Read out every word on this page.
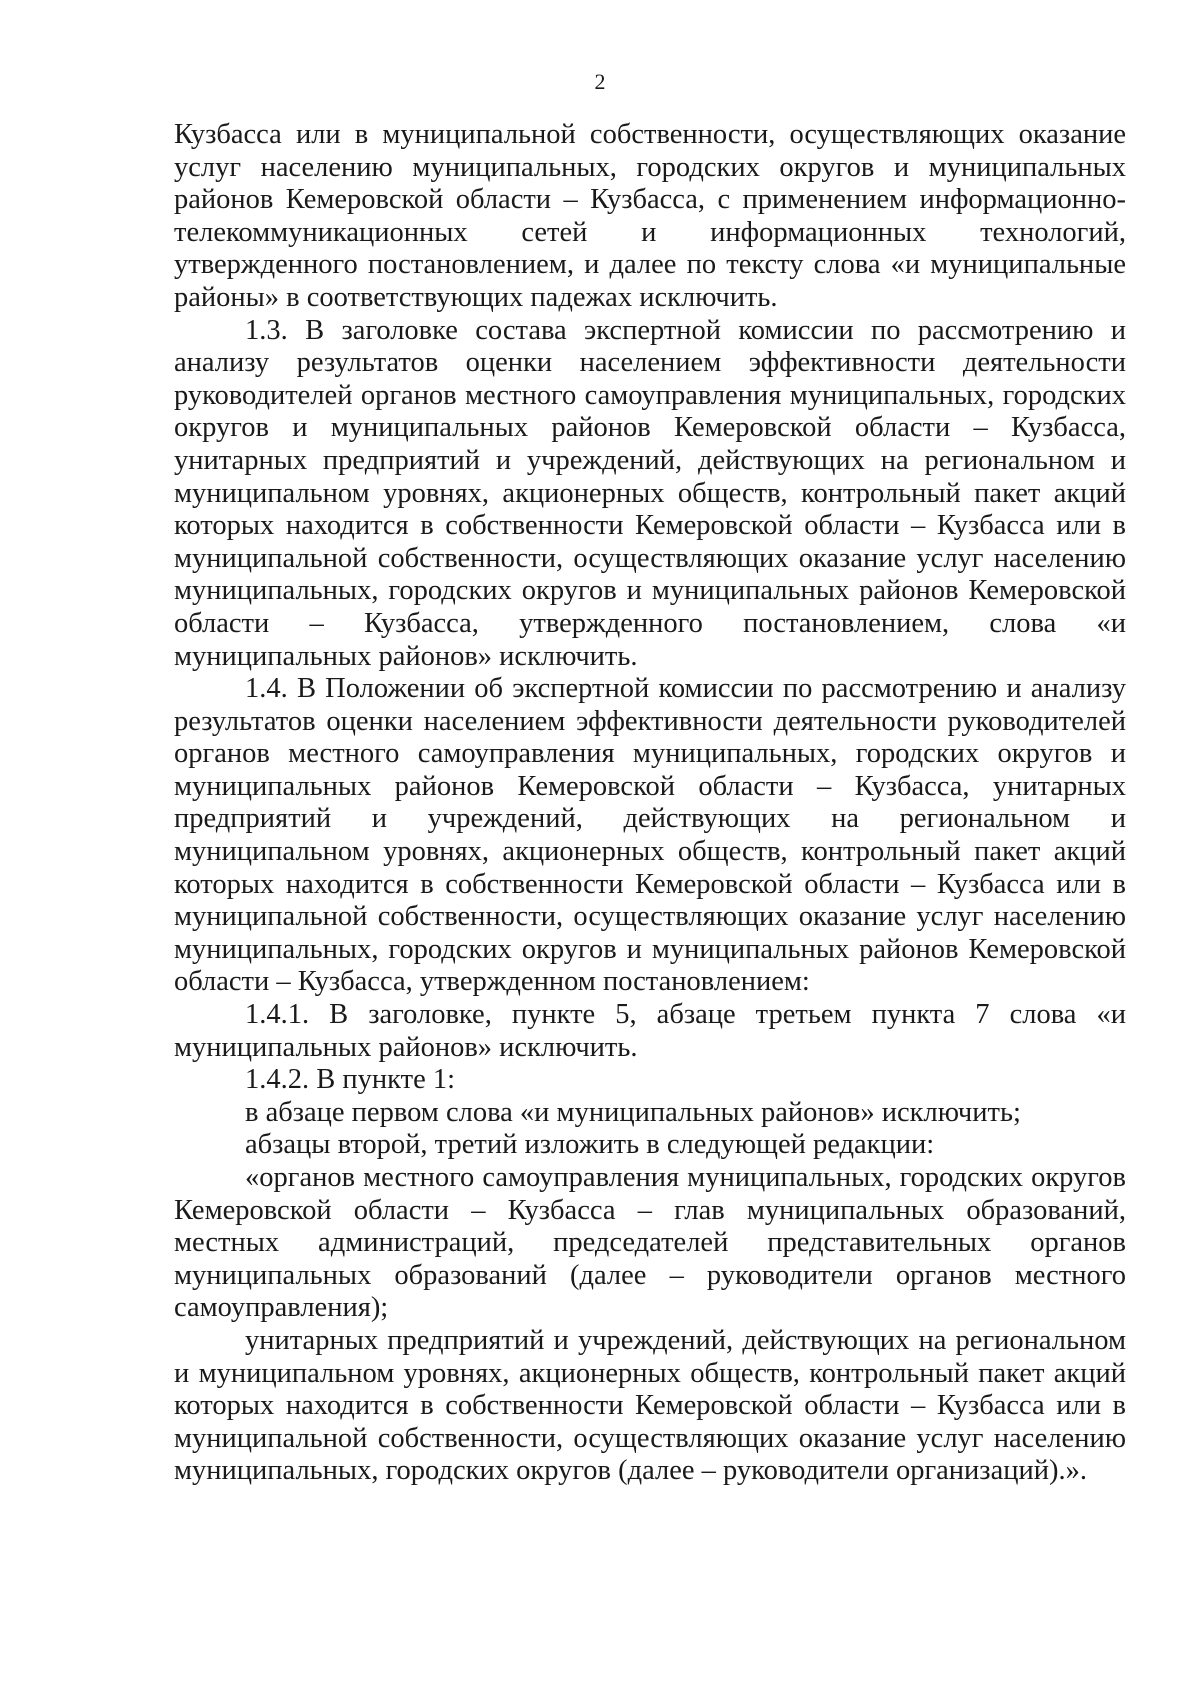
2

Кузбасса или в муниципальной собственности, осуществляющих оказание услуг населению муниципальных, городских округов и муниципальных районов Кемеровской области – Кузбасса, с применением информационно-телекоммуникационных сетей и информационных технологий, утвержденного постановлением, и далее по тексту слова «и муниципальные районы» в соответствующих падежах исключить.

1.3. В заголовке состава экспертной комиссии по рассмотрению и анализу результатов оценки населением эффективности деятельности руководителей органов местного самоуправления муниципальных, городских округов и муниципальных районов Кемеровской области – Кузбасса, унитарных предприятий и учреждений, действующих на региональном и муниципальном уровнях, акционерных обществ, контрольный пакет акций которых находится в собственности Кемеровской области – Кузбасса или в муниципальной собственности, осуществляющих оказание услуг населению муниципальных, городских округов и муниципальных районов Кемеровской области – Кузбасса, утвержденного постановлением, слова «и муниципальных районов» исключить.

1.4. В Положении об экспертной комиссии по рассмотрению и анализу результатов оценки населением эффективности деятельности руководителей органов местного самоуправления муниципальных, городских округов и муниципальных районов Кемеровской области – Кузбасса, унитарных предприятий и учреждений, действующих на региональном и муниципальном уровнях, акционерных обществ, контрольный пакет акций которых находится в собственности Кемеровской области – Кузбасса или в муниципальной собственности, осуществляющих оказание услуг населению муниципальных, городских округов и муниципальных районов Кемеровской области – Кузбасса, утвержденном постановлением:

1.4.1. В заголовке, пункте 5, абзаце третьем пункта 7 слова «и муниципальных районов» исключить.

1.4.2. В пункте 1:

в абзаце первом слова «и муниципальных районов» исключить;

абзацы второй, третий изложить в следующей редакции:

«органов местного самоуправления муниципальных, городских округов Кемеровской области – Кузбасса – глав муниципальных образований, местных администраций, председателей представительных органов муниципальных образований (далее – руководители органов местного самоуправления);

унитарных предприятий и учреждений, действующих на региональном и муниципальном уровнях, акционерных обществ, контрольный пакет акций которых находится в собственности Кемеровской области – Кузбасса или в муниципальной собственности, осуществляющих оказание услуг населению муниципальных, городских округов (далее – руководители организаций).».
